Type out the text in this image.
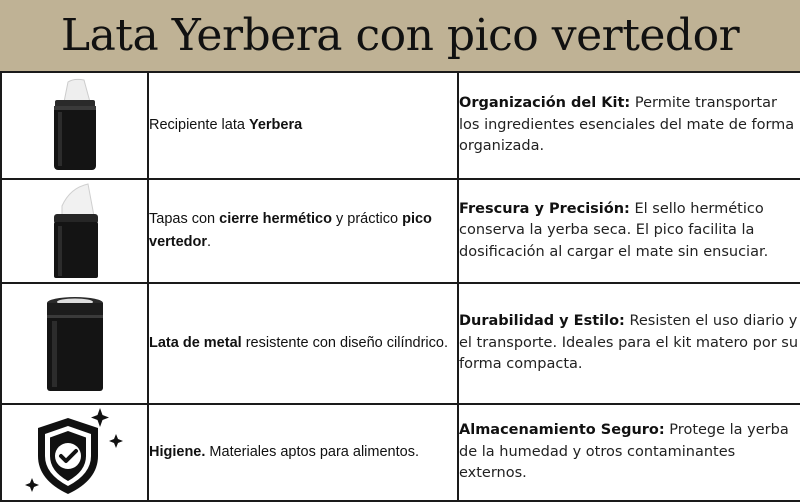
Lata Yerbera con pico vertedor
	Recipiente lata Yerbera	Organización del Kit: Permite transportar los ingredientes esenciales del mate de forma organizada.

	Tapas con cierre hermético y práctico pico vertedor.	Frescura y Precisión: El sello hermético conserva la yerba seca. El pico facilita la dosificación al cargar el mate sin ensuciar.

	Lata de metal resistente con diseño cilíndrico.	Durabilidad y Estilo: Resisten el uso diario y el transporte. Ideales para el kit matero por su forma compacta.

	Higiene. Materiales aptos para alimentos.	Almacenamiento Seguro: Protege la yerba de la humedad y otros contaminantes externos.
